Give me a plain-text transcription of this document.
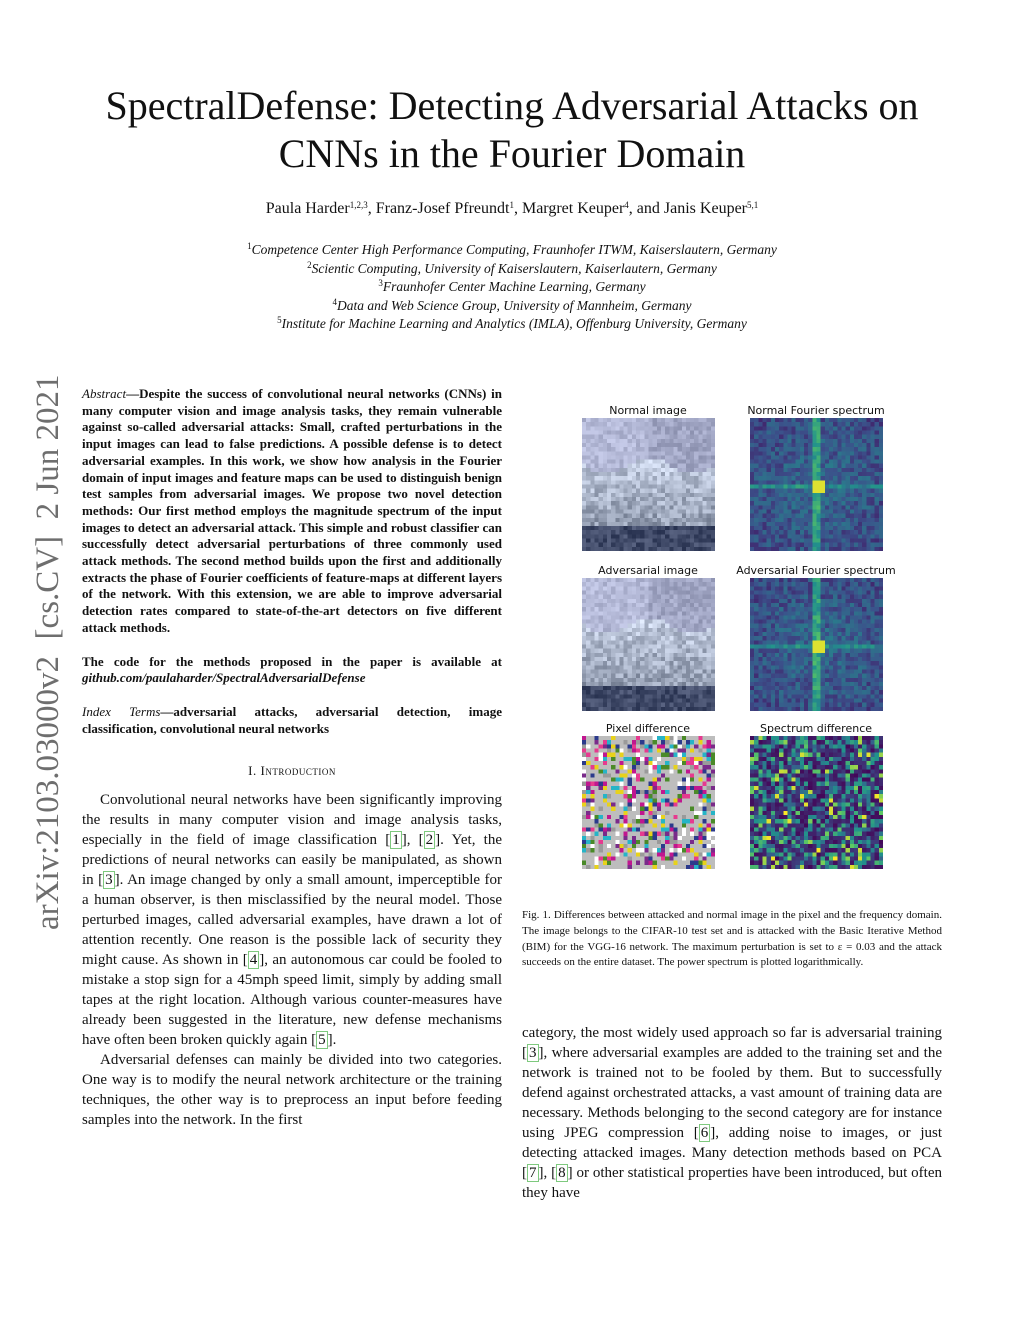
arXiv:2103.03000v2  [cs.CV]  2 Jun 2021
SpectralDefense: Detecting Adversarial Attacks on CNNs in the Fourier Domain
Paula Harder$^{1,2,3}$, Franz-Josef Pfreundt$^1$, Margret Keuper$^4$, and Janis Keuper$^{5,1}$
$^1$Competence Center High Performance Computing, Fraunhofer ITWM, Kaiserslautern, Germany
$^2$Scientic Computing, University of Kaiserslautern, Kaiserlautern, Germany
$^3$Fraunhofer Center Machine Learning, Germany
$^4$Data and Web Science Group, University of Mannheim, Germany
$^5$Institute for Machine Learning and Analytics (IMLA), Offenburg University, Germany

Abstract—Despite the success of convolutional neural networks (CNNs) in many computer vision and image analysis tasks, they remain vulnerable against so-called adversarial attacks: Small, crafted perturbations in the input images can lead to false predictions. A possible defense is to detect adversarial examples. In this work, we show how analysis in the Fourier domain of input images and feature maps can be used to distinguish benign test samples from adversarial images. We propose two novel detection methods: Our first method employs the magnitude spectrum of the input images to detect an adversarial attack. This simple and robust classifier can successfully detect adversarial perturbations of three commonly used attack methods. The second method builds upon the first and additionally extracts the phase of Fourier coefficients of feature-maps at different layers of the network. With this extension, we are able to improve adversarial detection rates compared to state-of-the-art detectors on five different attack methods.

The code for the methods proposed in the paper is available at github.com/paulaharder/SpectralAdversarialDefense

Index Terms—adversarial attacks, adversarial detection, image classification, convolutional neural networks

I. Introduction

Convolutional neural networks have been significantly improving the results in many computer vision and image analysis tasks, especially in the field of image classification [ 1 ], [ 2 ]. Yet, the predictions of neural networks can easily be manipulated, as shown in [ 3 ]. An image changed by only a small amount, imperceptible for a human observer, is then misclassified by the neural model. Those perturbed images, called adversarial examples, have drawn a lot of attention recently. One reason is the possible lack of security they might cause. As shown in [ 4 ], an autonomous car could be fooled to mistake a stop sign for a 45mph speed limit, simply by adding small tapes at the right location. Although various counter-measures have already been suggested in the literature, new defense mechanisms have often been broken quickly again [ 5 ].

Adversarial defenses can mainly be divided into two categories. One way is to modify the neural network architecture or the training techniques, the other way is to preprocess an input before feeding samples into the network. In the first

Normal image	Normal Fourier spectrum
Adversarial image	Adversarial Fourier spectrum
Pixel difference	Spectrum difference
Fig. 1. Differences between attacked and normal image in the pixel and the frequency domain. The image belongs to the CIFAR-10 test set and is attacked with the Basic Iterative Method (BIM) for the VGG-16 network. The maximum perturbation is set to ε = 0.03 and the attack succeeds on the entire dataset. The power spectrum is plotted logarithmically.

category, the most widely used approach so far is adversarial training [ 3 ], where adversarial examples are added to the training set and the network is trained not to be fooled by them. But to successfully defend against orchestrated attacks, a vast amount of training data are necessary. Methods belonging to the second category are for instance using JPEG compression [ 6 ], adding noise to images, or just detecting attacked images. Many detection methods based on PCA [ 7 ], [ 8 ] or other statistical properties have been introduced, but often they have
